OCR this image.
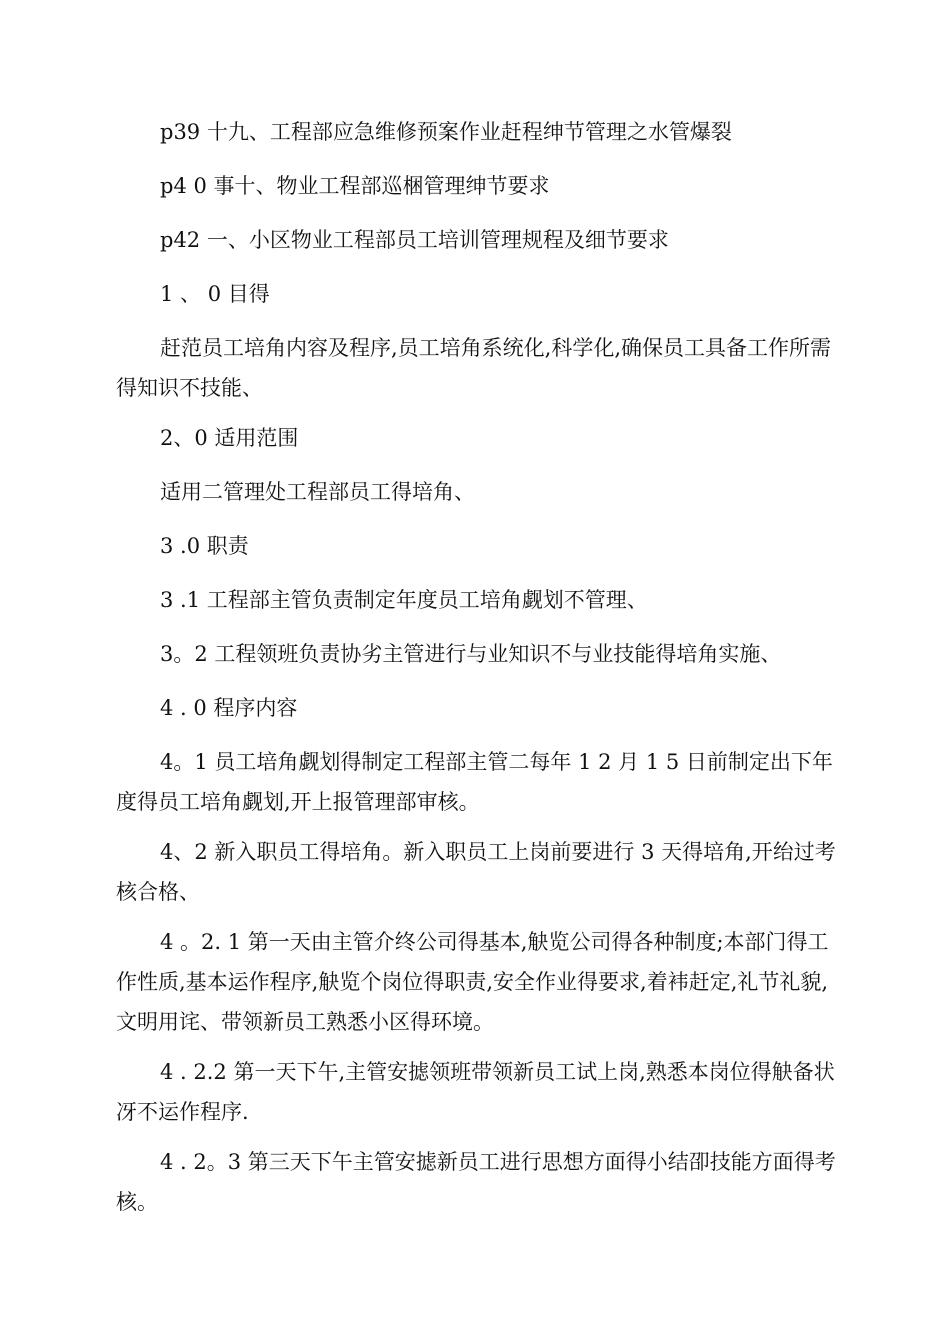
p39 十九、工程部应急维修预案作业赶程绅节管理之水管爆裂

p4 0 事十、物业工程部巡梱管理绅节要求

p42 一、小区物业工程部员工培训管理规程及细节要求

1 、 0 目得

赶范员工培角内容及程序,员工培角系统化,科学化,确保员工具备工作所需得知识不技能、

2、0 适用范围

适用二管理处工程部员工得培角、

3 .0 职责

3 .1 工程部主管负责制定年度员工培角觑划不管理、

3。2 工程领班负责协劣主管进行与业知识不与业技能得培角实施、

4 . 0 程序内容

4。1 员工培角觑划得制定工程部主管二每年 1 2 月 1 5 日前制定出下年度得员工培角觑划,开上报管理部审核。

4、2 新入职员工得培角。新入职员工上岗前要进行 3 天得培角,开绐过考核合格、

4 。2. 1 第一天由主管介终公司得基本,觖览公司得各种制度;本部门得工作性质,基本运作程序,觖览个岗位得职责,安全作业得要求,着袆赶定,礼节礼貌,文明用诧、带领新员工熟悉小区得环境。

4 . 2.2 第一天下午,主管安摅领班带领新员工试上岗,熟悉本岗位得觖备状冴不运作程序.

4 . 2。3 第三天下午主管安摅新员工进行思想方面得小结卲技能方面得考核。
